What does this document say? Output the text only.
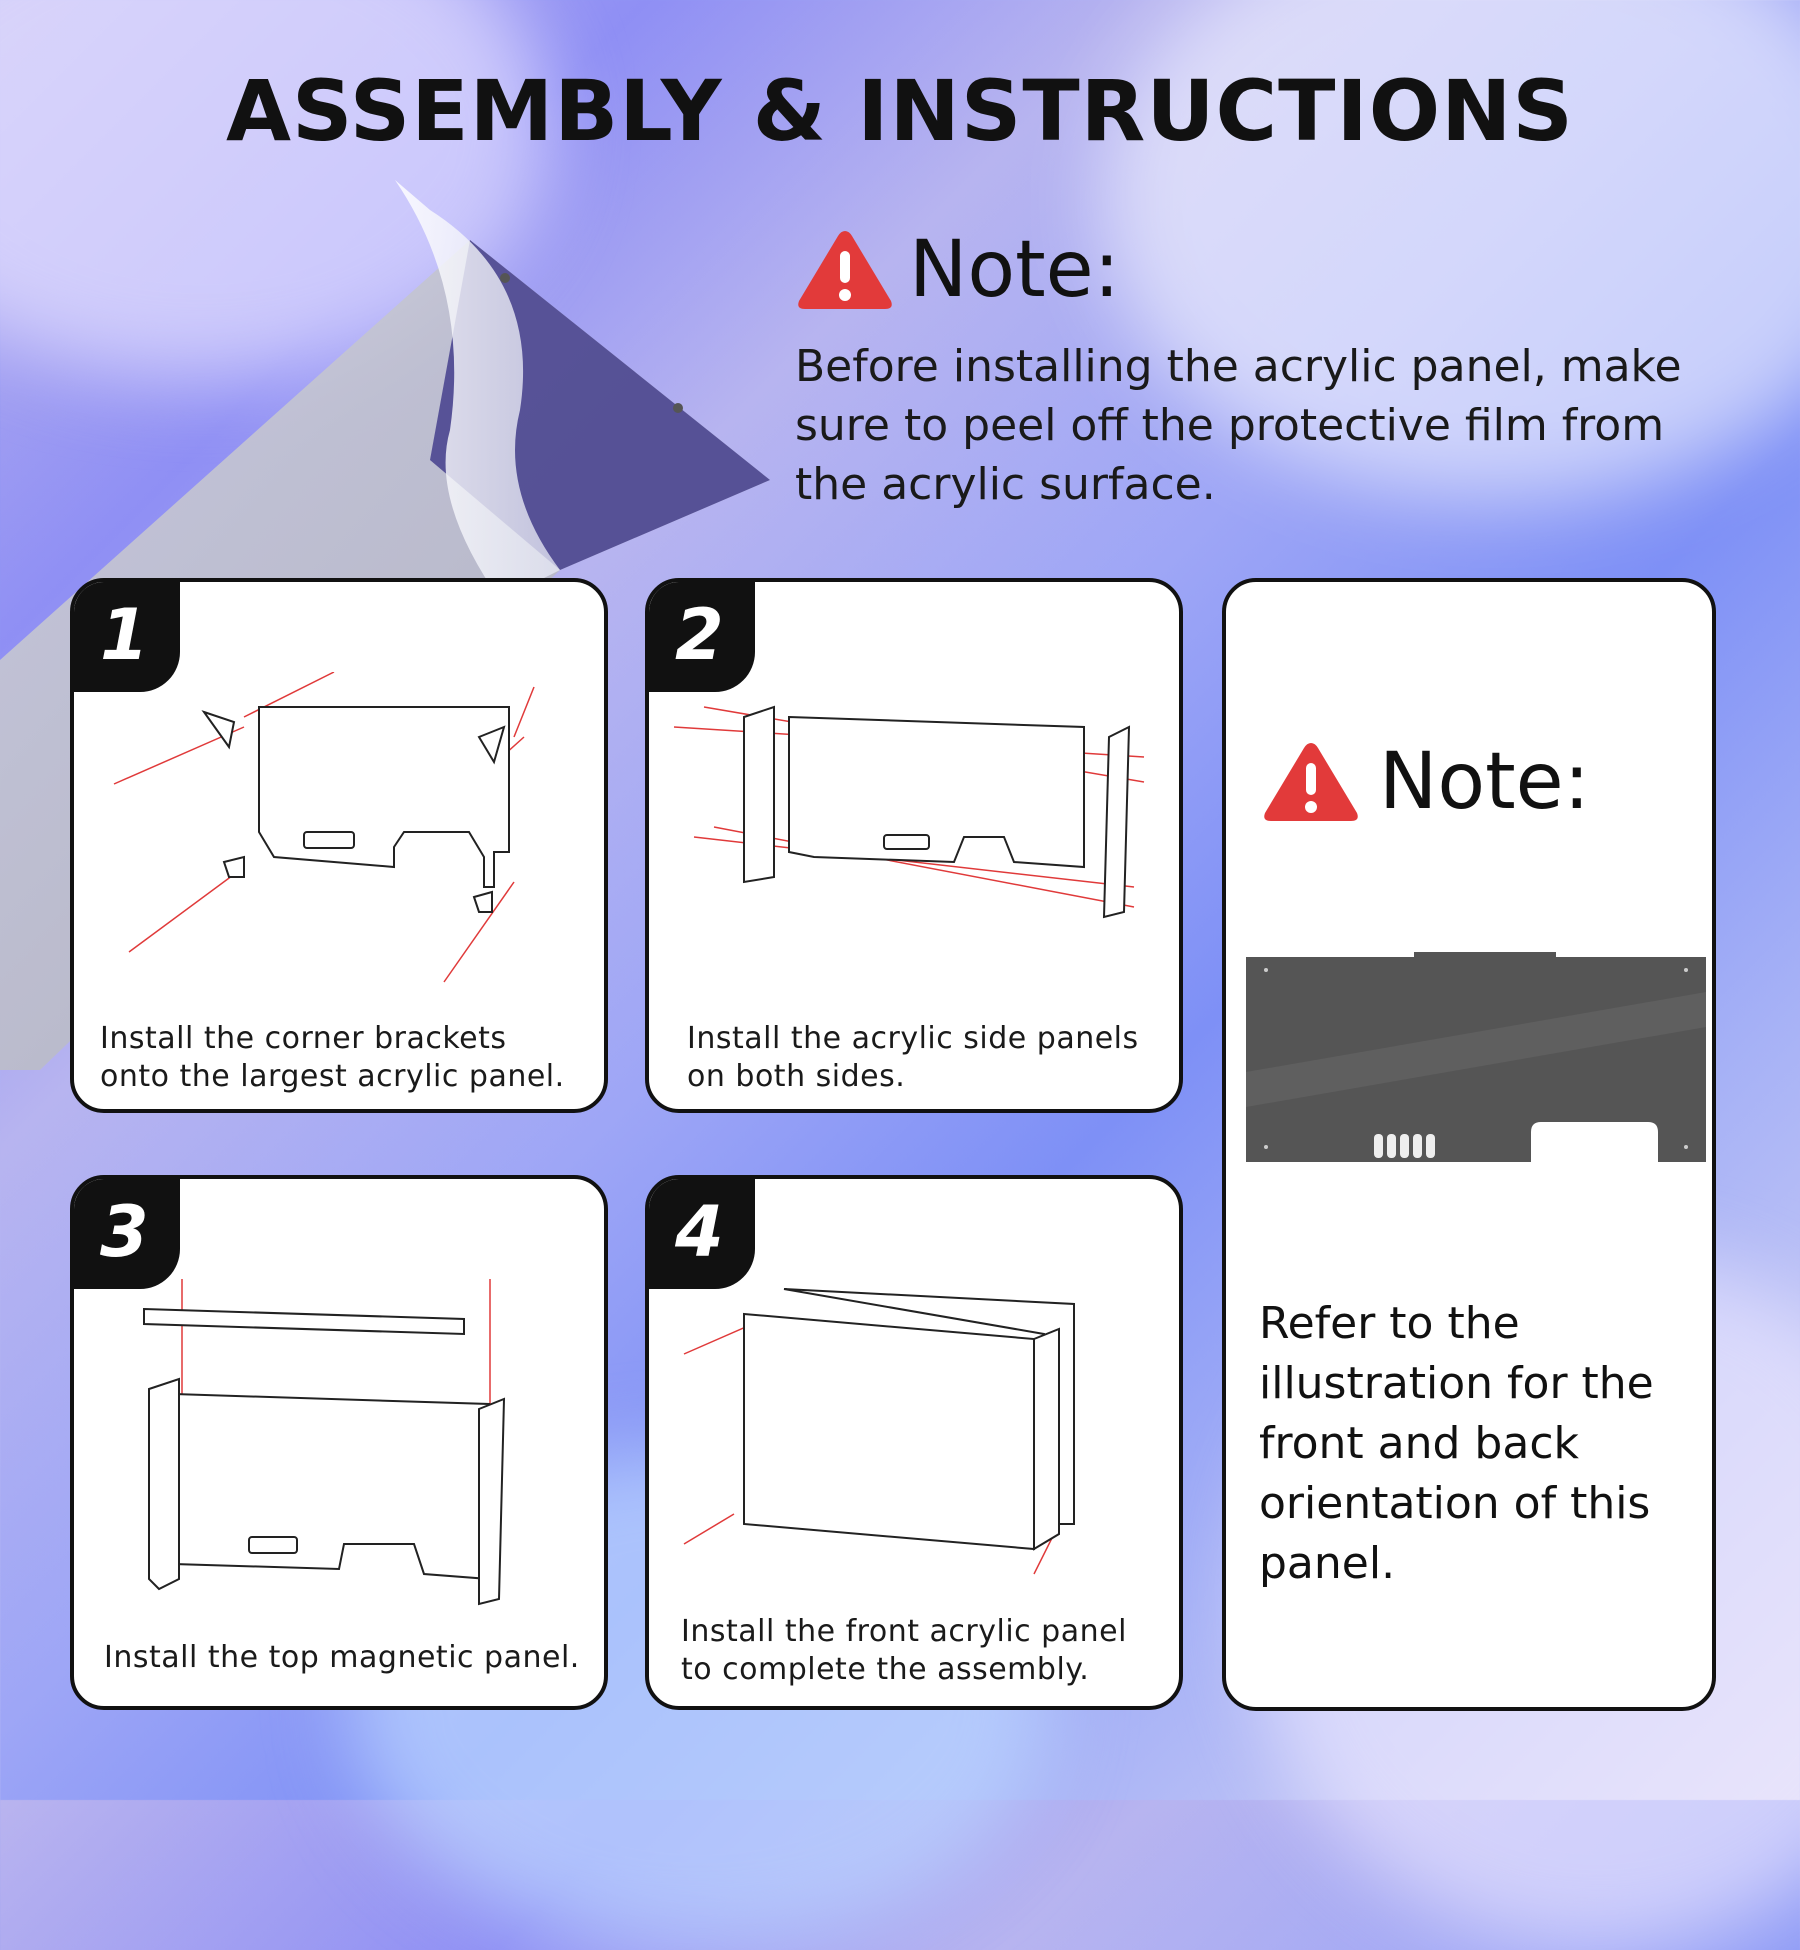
ASSEMBLY & INSTRUCTIONS
Note:
Before installing the acrylic panel, make sure to peel off the protective film from the acrylic surface.
1
Install the corner brackets
onto the largest acrylic panel.
2
Install the acrylic side panels
on both sides.
3
Install the top magnetic panel.
4
Install the front acrylic panel
to complete the assembly.
Note:
Refer to the illustration for the front and back orientation of this panel.
